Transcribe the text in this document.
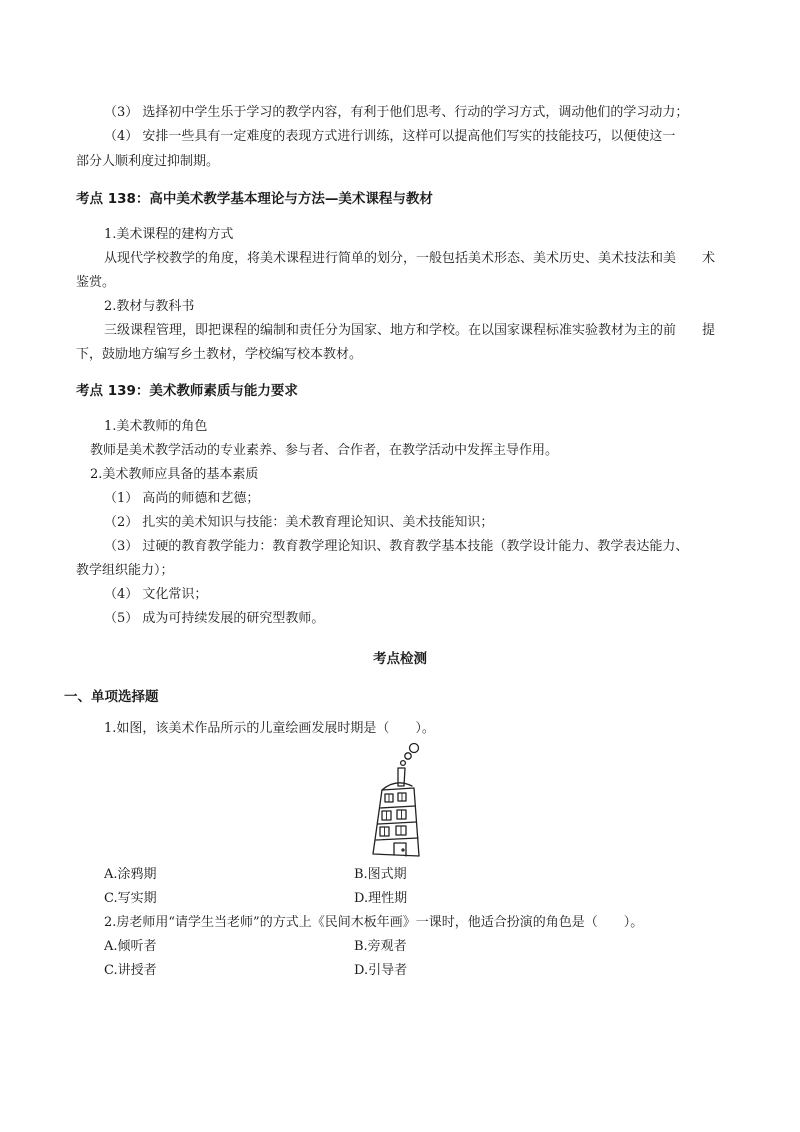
（3） 选择初中学生乐于学习的教学内容，有利于他们思考、行动的学习方式，调动他们的学习动力；
（4） 安排一些具有一定难度的表现方式进行训练，这样可以提高他们写实的技能技巧，以便使这一
部分人顺利度过抑制期。
考点 138：高中美术教学基本理论与方法—美术课程与教材
1.美术课程的建构方式
从现代学校教学的角度，将美术课程进行简单的划分，一般包括美术形态、美术历史、美术技法和美 术
鉴赏。
2.教材与教科书
三级课程管理，即把课程的编制和责任分为国家、地方和学校。在以国家课程标准实验教材为主的前 提
下，鼓励地方编写乡土教材，学校编写校本教材。
考点 139：美术教师素质与能力要求
1.美术教师的角色
教师是美术教学活动的专业素养、参与者、合作者，在教学活动中发挥主导作用。
2.美术教师应具备的基本素质
（1） 高尚的师德和艺德；
（2） 扎实的美术知识与技能：美术教育理论知识、美术技能知识；
（3） 过硬的教育教学能力：教育教学理论知识、教育教学基本技能（教学设计能力、教学表达能力、
教学组织能力）；
（4） 文化常识；
（5） 成为可持续发展的研究型教师。
考点检测
一、单项选择题
1.如图，该美术作品所示的儿童绘画发展时期是（　　）。
A.涂鸦期	B.图式期
C.写实期	D.理性期
2.房老师用“请学生当老师”的方式上《民间木板年画》一课时，他适合扮演的角色是（　　）。
A.倾听者	B.旁观者
C.讲授者	D.引导者
